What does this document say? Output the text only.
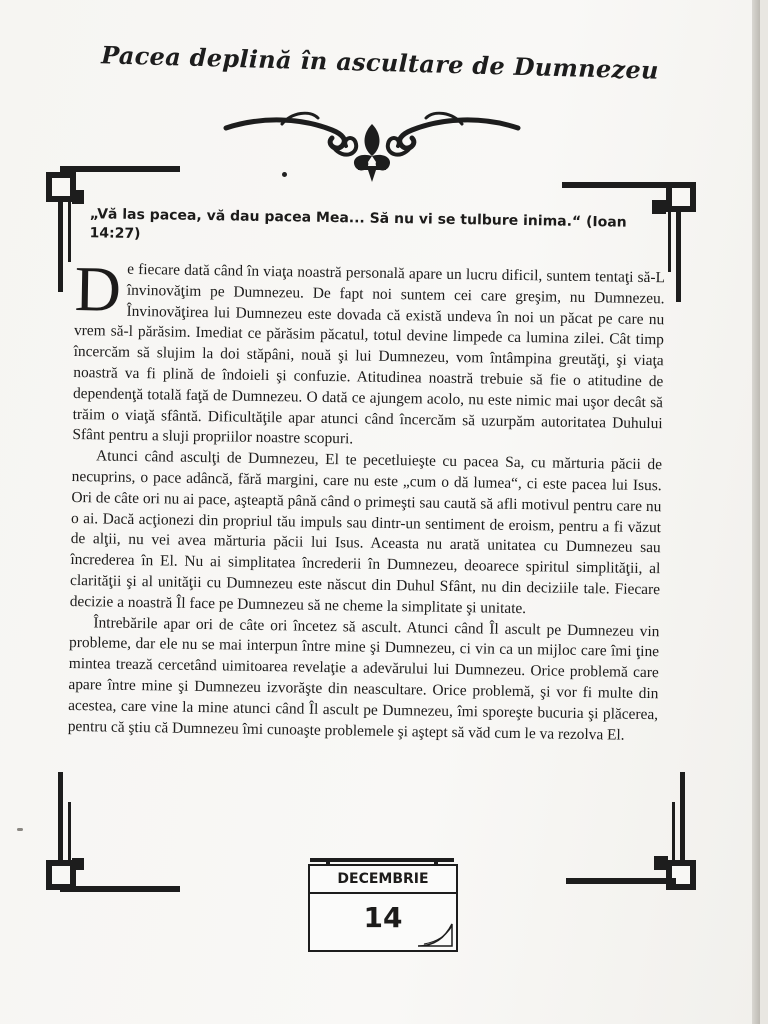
Pacea deplină în ascultare de Dumnezeu

„Vă las pacea, vă dau pacea Mea... Să nu vi se tulbure inima.“ (Ioan 14:27)

De fiecare dată când în viaţa noastră personală apare un lucru dificil, suntem tentaţi să-L învinovăţim pe Dumnezeu. De fapt noi suntem cei care greşim, nu Dumnezeu. Învinovăţirea lui Dumnezeu este dovada că există undeva în noi un păcat pe care nu vrem să-l părăsim. Imediat ce părăsim păcatul, totul devine limpede ca lumina zilei. Cât timp încercăm să slujim la doi stăpâni, nouă şi lui Dumnezeu, vom întâmpina greutăţi, şi viaţa noastră va fi plină de îndoieli şi confuzie. Atitudinea noastră trebuie să fie o atitudine de dependenţă totală faţă de Dumnezeu. O dată ce ajungem acolo, nu este nimic mai uşor decât să trăim o viaţă sfântă. Dificultăţile apar atunci când încercăm să uzurpăm autoritatea Duhului Sfânt pentru a sluji propriilor noastre scopuri.

Atunci când asculţi de Dumnezeu, El te pecetluieşte cu pacea Sa, cu mărturia păcii de necuprins, o pace adâncă, fără margini, care nu este „cum o dă lumea“, ci este pacea lui Isus. Ori de câte ori nu ai pace, aşteaptă până când o primeşti sau caută să afli motivul pentru care nu o ai. Dacă acţionezi din propriul tău impuls sau dintr-un sentiment de eroism, pentru a fi văzut de alţii, nu vei avea mărturia păcii lui Isus. Aceasta nu arată unitatea cu Dumnezeu sau încrederea în El. Nu ai simplitatea încrederii în Dumnezeu, deoarece spiritul simplităţii, al clarităţii şi al unităţii cu Dumnezeu este născut din Duhul Sfânt, nu din deciziile tale. Fiecare decizie a noastră Îl face pe Dumnezeu să ne cheme la simplitate şi unitate.

Întrebările apar ori de câte ori încetez să ascult. Atunci când Îl ascult pe Dumnezeu vin probleme, dar ele nu se mai interpun între mine şi Dumnezeu, ci vin ca un mijloc care îmi ţine mintea trează cercetând uimitoarea revelaţie a adevărului lui Dumnezeu. Orice problemă care apare între mine şi Dumnezeu izvorăşte din neascultare. Orice problemă, şi vor fi multe din acestea, care vine la mine atunci când Îl ascult pe Dumnezeu, îmi sporeşte bucuria şi plăcerea, pentru că ştiu că Dumnezeu îmi cunoaşte problemele şi aştept să văd cum le va rezolva El.

DECEMBRIE
14
